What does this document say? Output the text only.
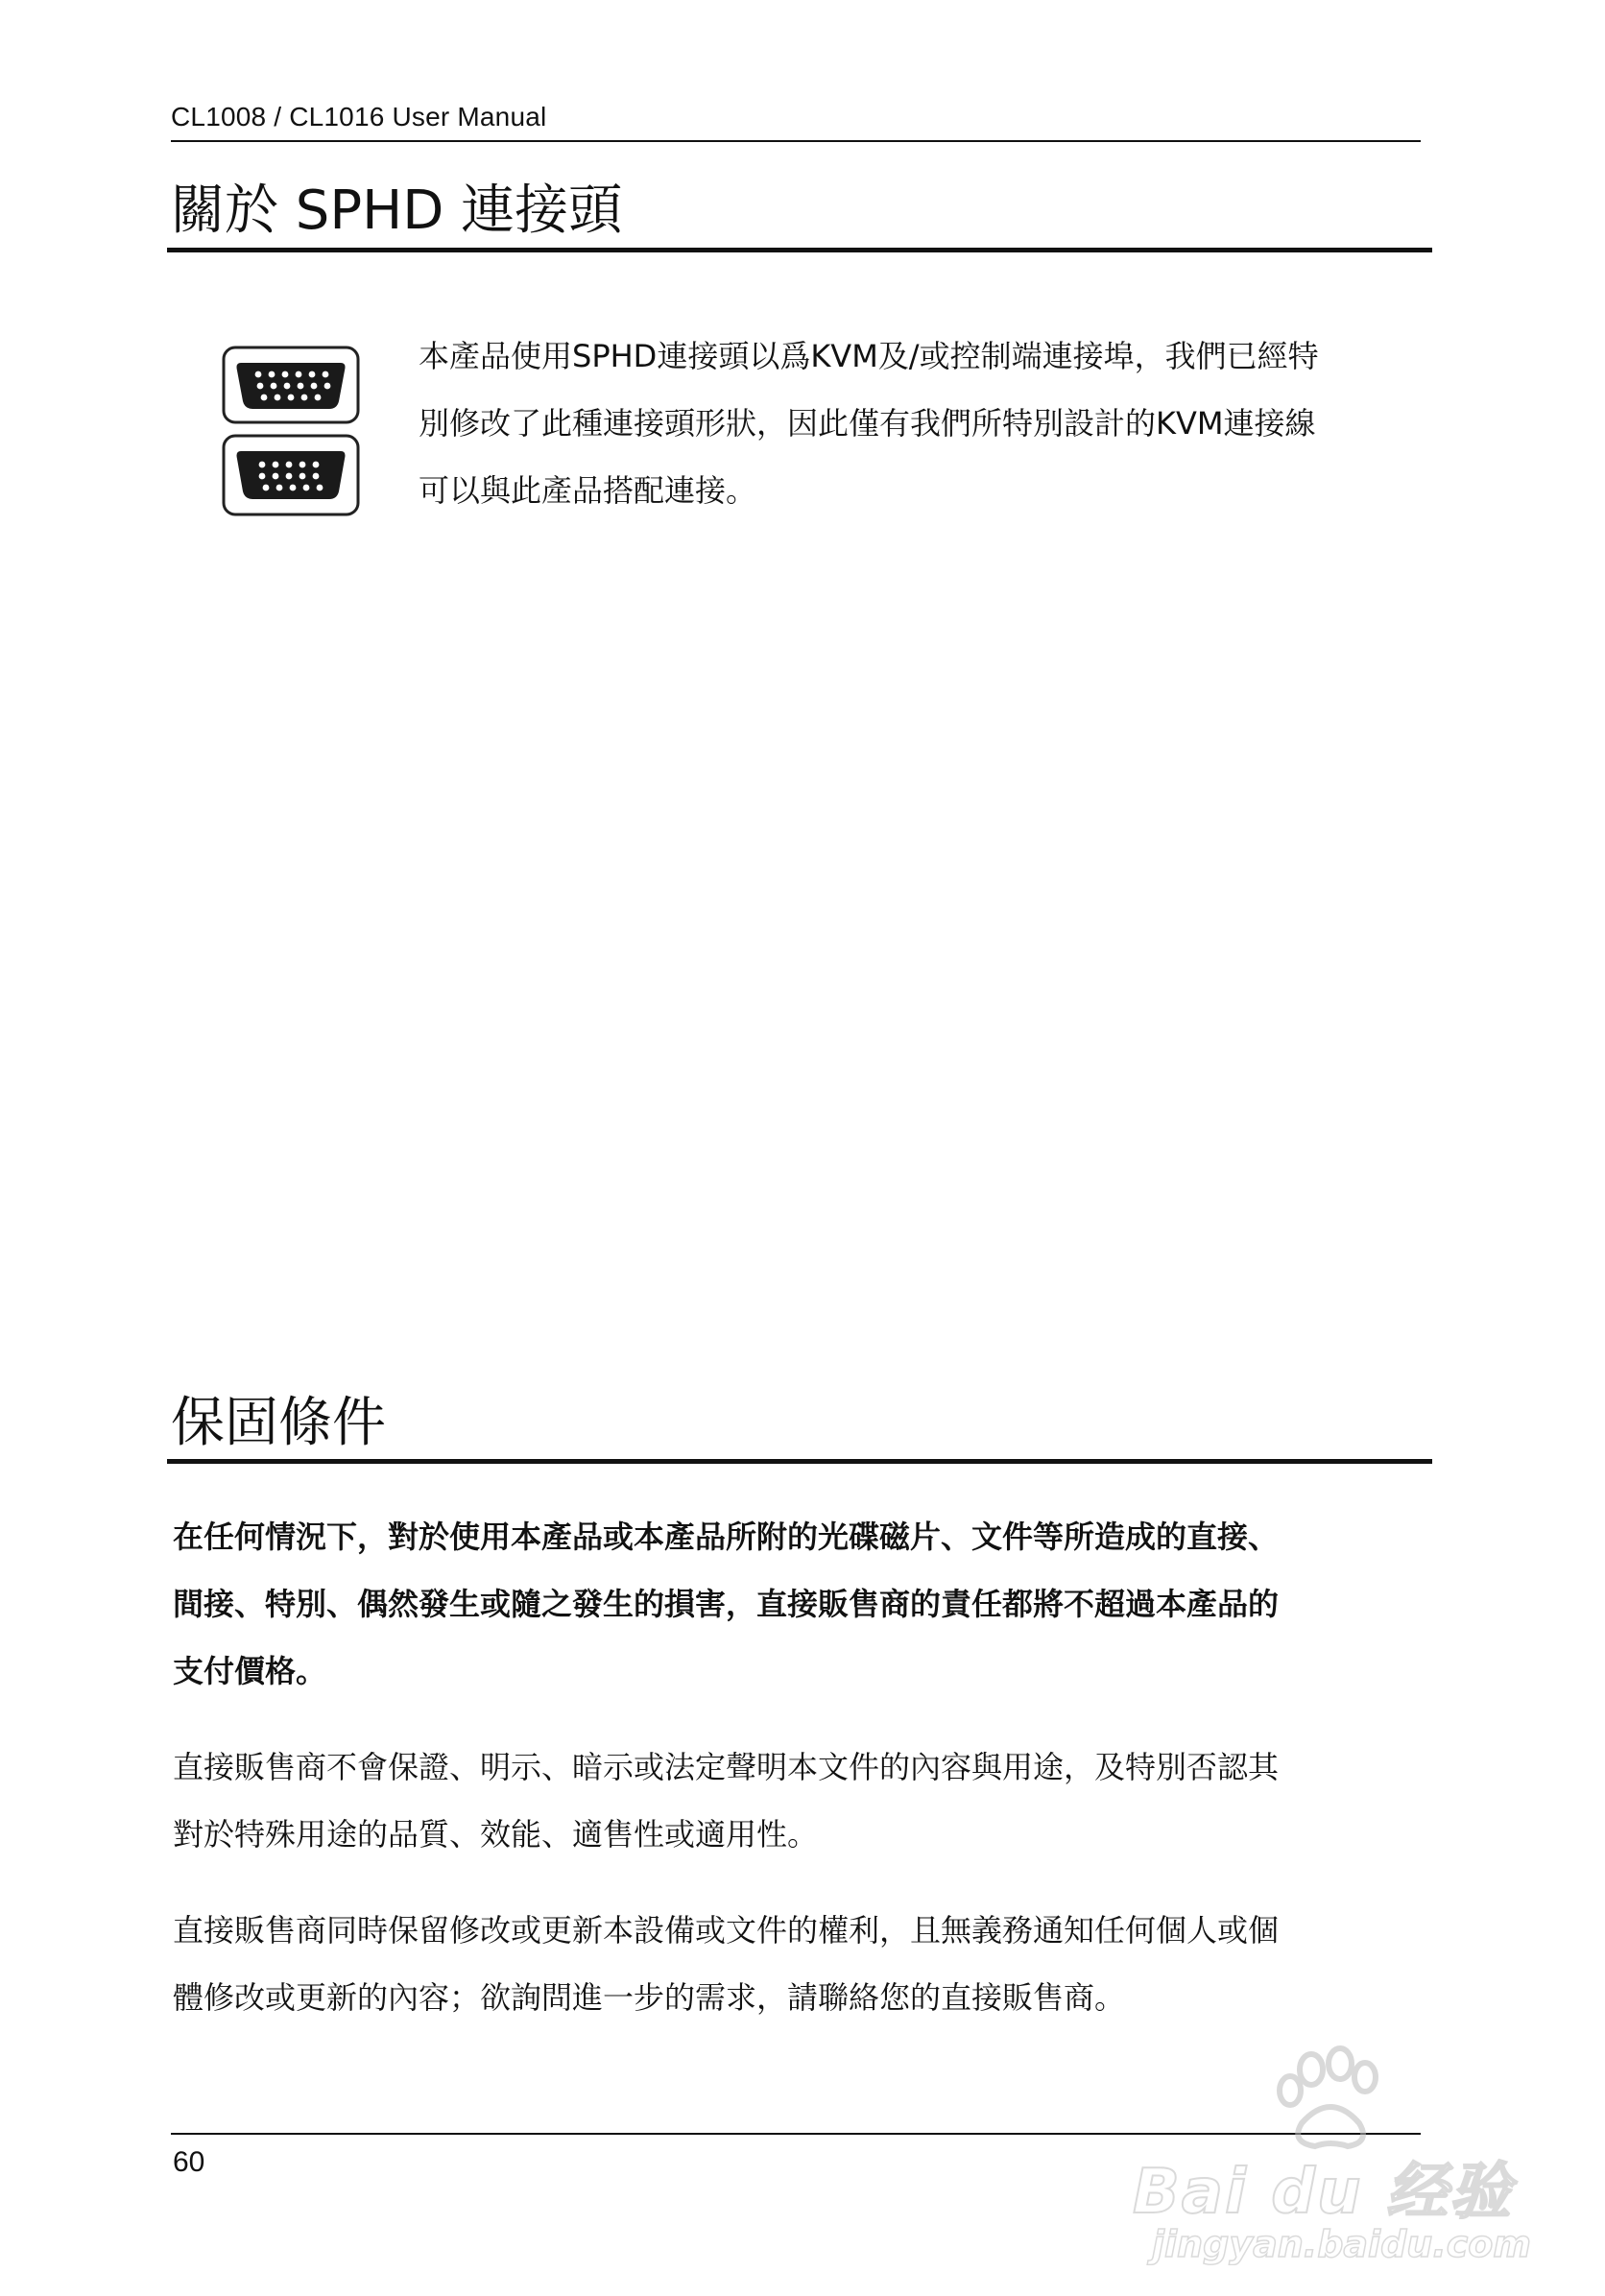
CL1008 / CL1016 User Manual
關於 SPHD 連接頭
本產品使用SPHD連接頭以爲KVM及/或控制端連接埠，我們已經特
別修改了此種連接頭形狀，因此僅有我們所特別設計的KVM連接線
可以與此產品搭配連接。
保固條件
在任何情況下，對於使用本產品或本產品所附的光碟磁片、文件等所造成的直接、
間接、特別、偶然發生或隨之發生的損害，直接販售商的責任都將不超過本產品的
支付價格。
直接販售商不會保證、明示、暗示或法定聲明本文件的內容與用途，及特別否認其
對於特殊用途的品質、效能、適售性或適用性。
直接販售商同時保留修改或更新本設備或文件的權利，且無義務通知任何個人或個
體修改或更新的內容；欲詢問進一步的需求，請聯絡您的直接販售商。
60	Bai du 经验
jingyan.baidu.com
